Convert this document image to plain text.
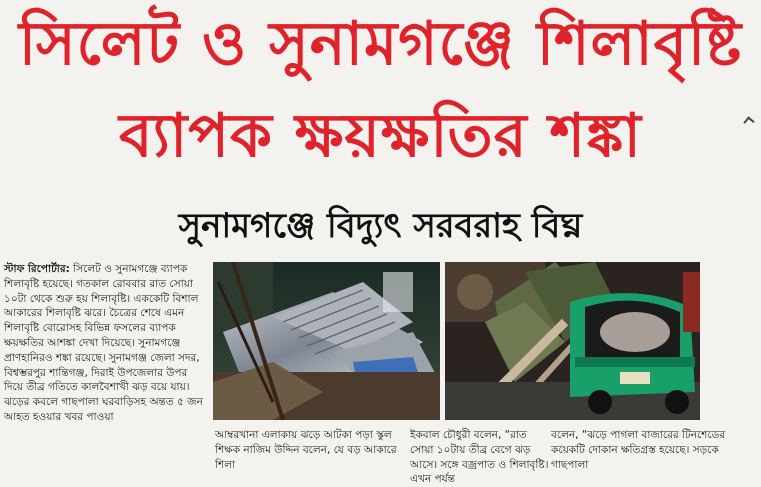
সিলেট ও সুনামগঞ্জে শিলাবৃষ্টি
ব্যাপক ক্ষয়ক্ষতির শঙ্কা
সুনামগঞ্জে বিদ্যুৎ সরবরাহ বিঘ্ন
স্টাফ রিপোর্টার: সিলেট ও সুনামগঞ্জে ব্যাপক শিলাবৃষ্টি হয়েছে। গতকাল রোববার রাত সোয়া ১০টা থেকে শুরু হয় শিলাবৃষ্টি। এককেটি বিশাল আকারের শিলাবৃষ্টি ঝরে। চৈত্রের শেষে এমন শিলাবৃষ্টি বোরোসহ বিভিন্ন ফসলের ব্যাপক ক্ষয়ক্ষতির আশঙ্কা দেখা দিয়েছে। সুনামগঞ্জে প্রাণহানিরও শঙ্কা রয়েছে। সুনামগঞ্জ জেলা সদর, বিশ্বম্ভরপুর শান্তিগঞ্জ, দিরাই উপজেলার উপর দিয়ে তীব্র গতিতে কালবৈশাখী ঝড় বয়ে যায়। ঝড়ের কবলে গাছপালা ঘরবাড়িসহ অন্তত ৫ জন আহত হওয়ার খবর পাওয়া
আম্বরখানা এলাকায় ঝড়ে আটকা পড়া স্কুল শিক্ষক নাজিম উদ্দিন বলেন, যে বড় আকারে শিলা
ইকবাল চৌধুরী বলেন, “রাত সোয়া ১০টায় তীব্র বেগে ঝড় আসে। সঙ্গে বজ্রপাত ও শিলাবৃষ্টি। এখন পর্যন্ত
বলেন, “ঝড়ে পাগলা বাজারের টিনশেডের কয়েকটি দোকান ক্ষতিগ্রস্ত হয়েছে। সড়কে গাছপালা
